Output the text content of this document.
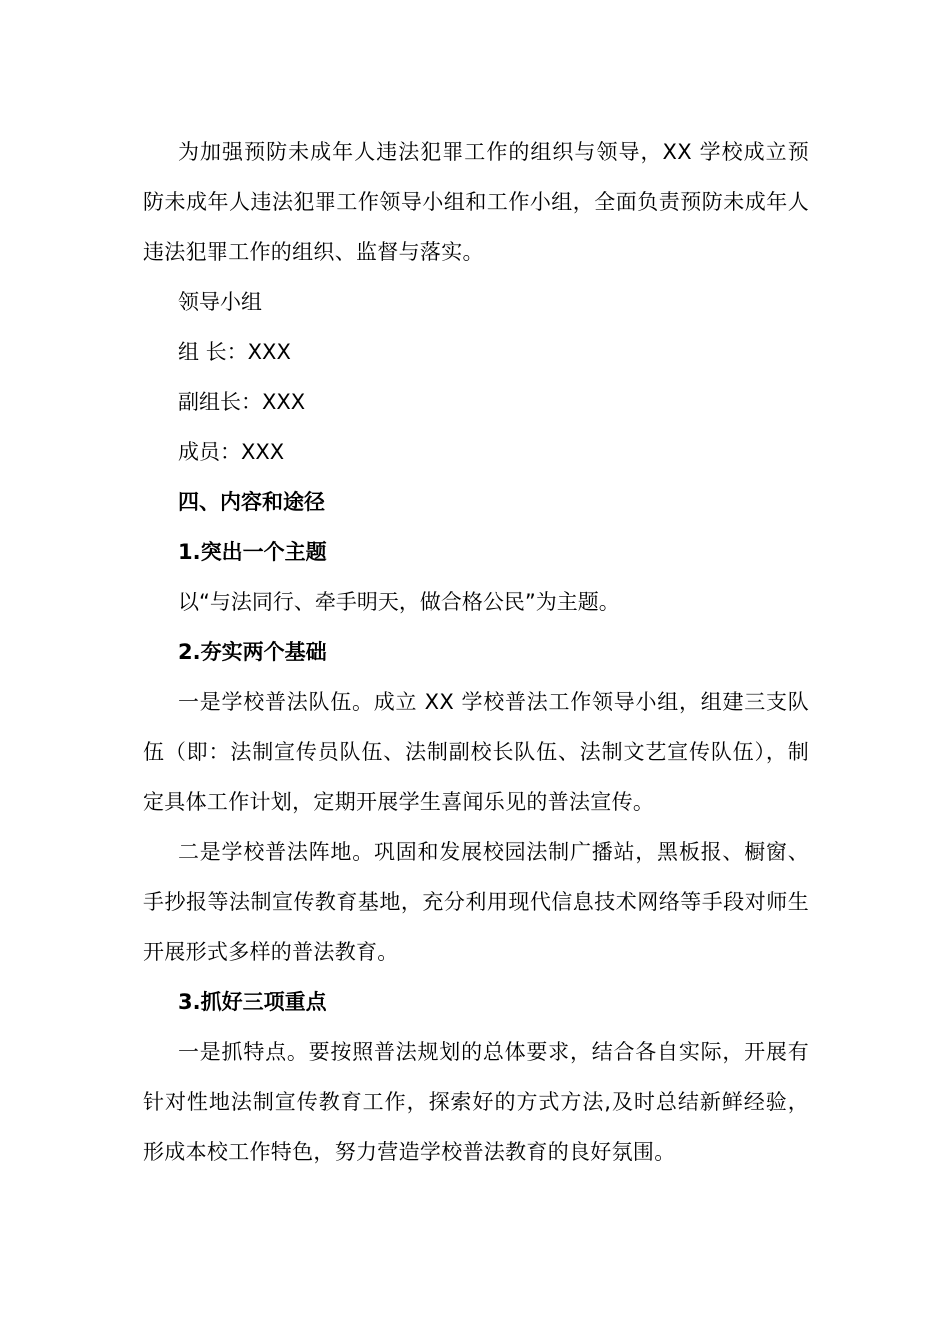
为加强预防未成年人违法犯罪工作的组织与领导，XX 学校成立预防未成年人违法犯罪工作领导小组和工作小组，全面负责预防未成年人违法犯罪工作的组织、监督与落实。

领导小组

组 长：XXX

副组长：XXX

成员：XXX

四、内容和途径

1.突出一个主题

以“与法同行、牵手明天，做合格公民”为主题。

2.夯实两个基础

一是学校普法队伍。成立 XX 学校普法工作领导小组，组建三支队伍（即：法制宣传员队伍、法制副校长队伍、法制文艺宣传队伍），制定具体工作计划，定期开展学生喜闻乐见的普法宣传。

二是学校普法阵地。巩固和发展校园法制广播站，黑板报、橱窗、手抄报等法制宣传教育基地，充分利用现代信息技术网络等手段对师生开展形式多样的普法教育。

3.抓好三项重点

一是抓特点。要按照普法规划的总体要求，结合各自实际，开展有针对性地法制宣传教育工作，探索好的方式方法,及时总结新鲜经验，形成本校工作特色，努力营造学校普法教育的良好氛围。
